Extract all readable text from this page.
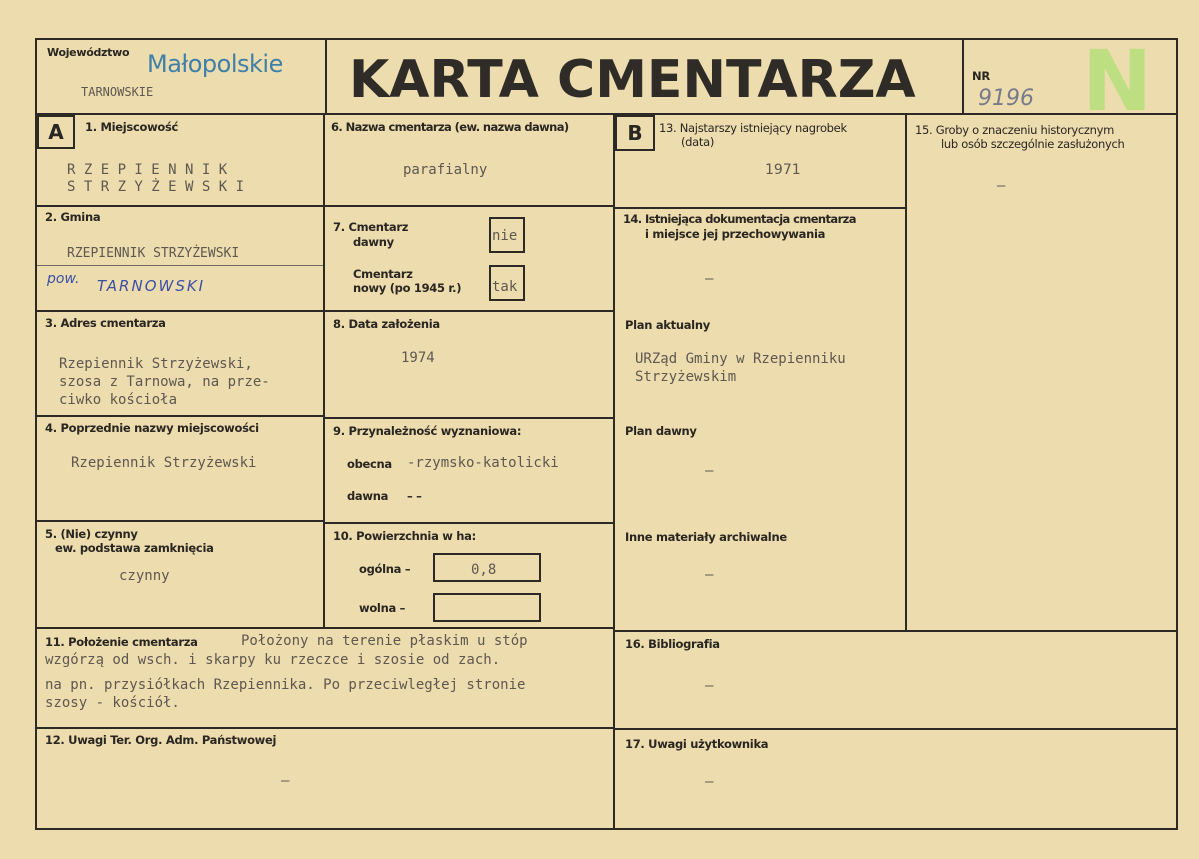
Województwo Małopolskie
TARNOWSKIE	KARTA CMENTARZA N
NR
9196
A	1. Miejscowość
R Z E P I E N N I K
S T R Z Y Ż E W S K I
2. Gmina
RZEPIENNIK STRZYŻEWSKI
pow. TARNOWSKI
3. Adres cmentarza
Rzepiennik Strzyżewski,
szosa z Tarnowa, na prze-
ciwko kościoła
4. Poprzednie nazwy miejscowości
Rzepiennik Strzyżewski
5. (Nie) czynny
ew. podstawa zamknięcia
czynny
6. Nazwa cmentarza (ew. nazwa dawna)
parafialny
7. Cmentarz
dawny	nie
Cmentarz
nowy (po 1945 r.) tak
8. Data założenia
1974
9. Przynależność wyznaniowa:
obecna -rzymsko-katolicki
dawna – –
10. Powierzchnia w ha:
ogólna –	0,8
wolna –
11. Położenie cmentarza	Położony na terenie płaskim u stóp
wzgórzą od wsch. i skarpy ku rzeczce i szosie od zach.
na pn. przysiółkach Rzepiennika. Po przeciwległej stronie
szosy - kościół.
12. Uwagi Ter. Org. Adm. Państwowej
–
B	13. Najstarszy istniejący nagrobek
(data)
1971
14. Istniejąca dokumentacja cmentarza
i miejsce jej przechowywania
–
Plan aktualny
URZąd Gminy w Rzepienniku
Strzyżewskim
Plan dawny
–
Inne materiały archiwalne
–
15. Groby o znaczeniu historycznym
lub osób szczególnie zasłużonych
–
16. Bibliografia
–
17. Uwagi użytkownika
–
